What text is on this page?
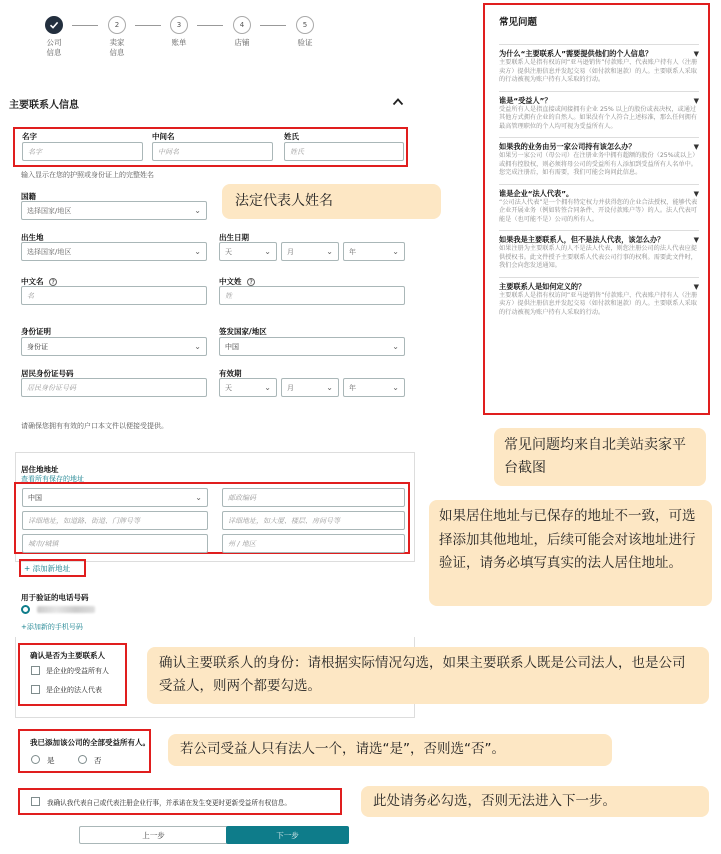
2	3	4	5
公司
信息
卖家
信息
账单	店铺	验证
主要联系人信息
名字
名字
中间名
中间名
姓氏
姓氏
输入显示在您的护照或身份证上的完整姓名
国籍
选择国家/地区	⌄
法定代表人姓名
出生地
选择国家/地区	⌄
出生日期
天	⌄ 月	⌄ 年	⌄
中文名 ?
名
中文姓 ?
姓
身份证明
身份证	⌄
签发国家/地区
中国	⌄
居民身份证号码
居民身份证号码
有效期
天	⌄ 月	⌄ 年	⌄
请确保您拥有有效的户口本文件以便接受提供。
居住地地址
查看所有保存的地址
中国	⌄	邮政编码
详细地址，如道路、街道、门牌号等	详细地址，如大厦、楼层、房间号等
城市/城镇	州 / 地区
+ 添加新地址
如果居住地址与已保存的地址不一致，可选择添加其他地址，后续可能会对该地址进行验证，请务必填写真实的法人居住地址。
用于验证的电话号码
+添加新的手机号码
确认是否为主要联系人
是企业的受益所有人
是企业的法人代表
确认主要联系人的身份：请根据实际情况勾选，如果主要联系人既是公司法人，也是公司受益人，则两个都要勾选。
我已添加该公司的全部受益所有人。
是	否
若公司受益人只有法人一个，请选“是”，否则选“否”。
我确认我代表自己或代表注册企业行事，并承诺在发生变更时更新受益所有权信息。	此处请务必勾选，否则无法进入下一步。
上一步	下一步
常见问题
为什么“主要联系人”需要提供他们的个人信息？
主要联系人是指有权访问“亚马逊销售”付款账户、代表账户持有人（注册卖方）提供注册信息并发起交易（如付款和退款）的人。主要联系人采取的行动被视为账户持有人采取的行动。
▼
谁是“受益人”？
受益所有人是指直接或间接拥有企业 25% 以上的股份或表决权，或通过其他方式拥有企业的自然人。如果没有个人符合上述标准，那么任何拥有最高管理职位的个人均可视为受益所有人。
▼
如果我的业务由另一家公司持有该怎么办？
如果另一家公司（母公司）在注册业务中拥有超额的股份（25%或以上）或拥有控股权，则必须将母公司的受益所有人添加到受益所有人名单中。您完成注册后，如有需要，我们可能会询问此信息。
▼
谁是企业“法人代表”。
“公司法人代表”是一个拥有特定权力并获得您的企业合法授权，能够代表企业开展业务（例如转签合同条件、开设付款账户等）的人。法人代表可能是（也可能不是）公司的所有人。
▼
如果我是主要联系人，但不是法人代表，该怎么办？
如果注册为主要联系人的人不是法人代表，则您注册公司的法人代表应提供授权书。此文件授予主要联系人代表公司行事的权利。需要此文件时，我们会向您发送通知。
▼
主要联系人是如何定义的？
主要联系人是指有权访问“亚马逊销售”付款账户、代表账户持有人（注册卖方）提供注册信息并发起交易（如付款和退款）的人。主要联系人采取的行动被视为账户持有人采取的行动。
▼
常见问题均来自北美站卖家平台截图
